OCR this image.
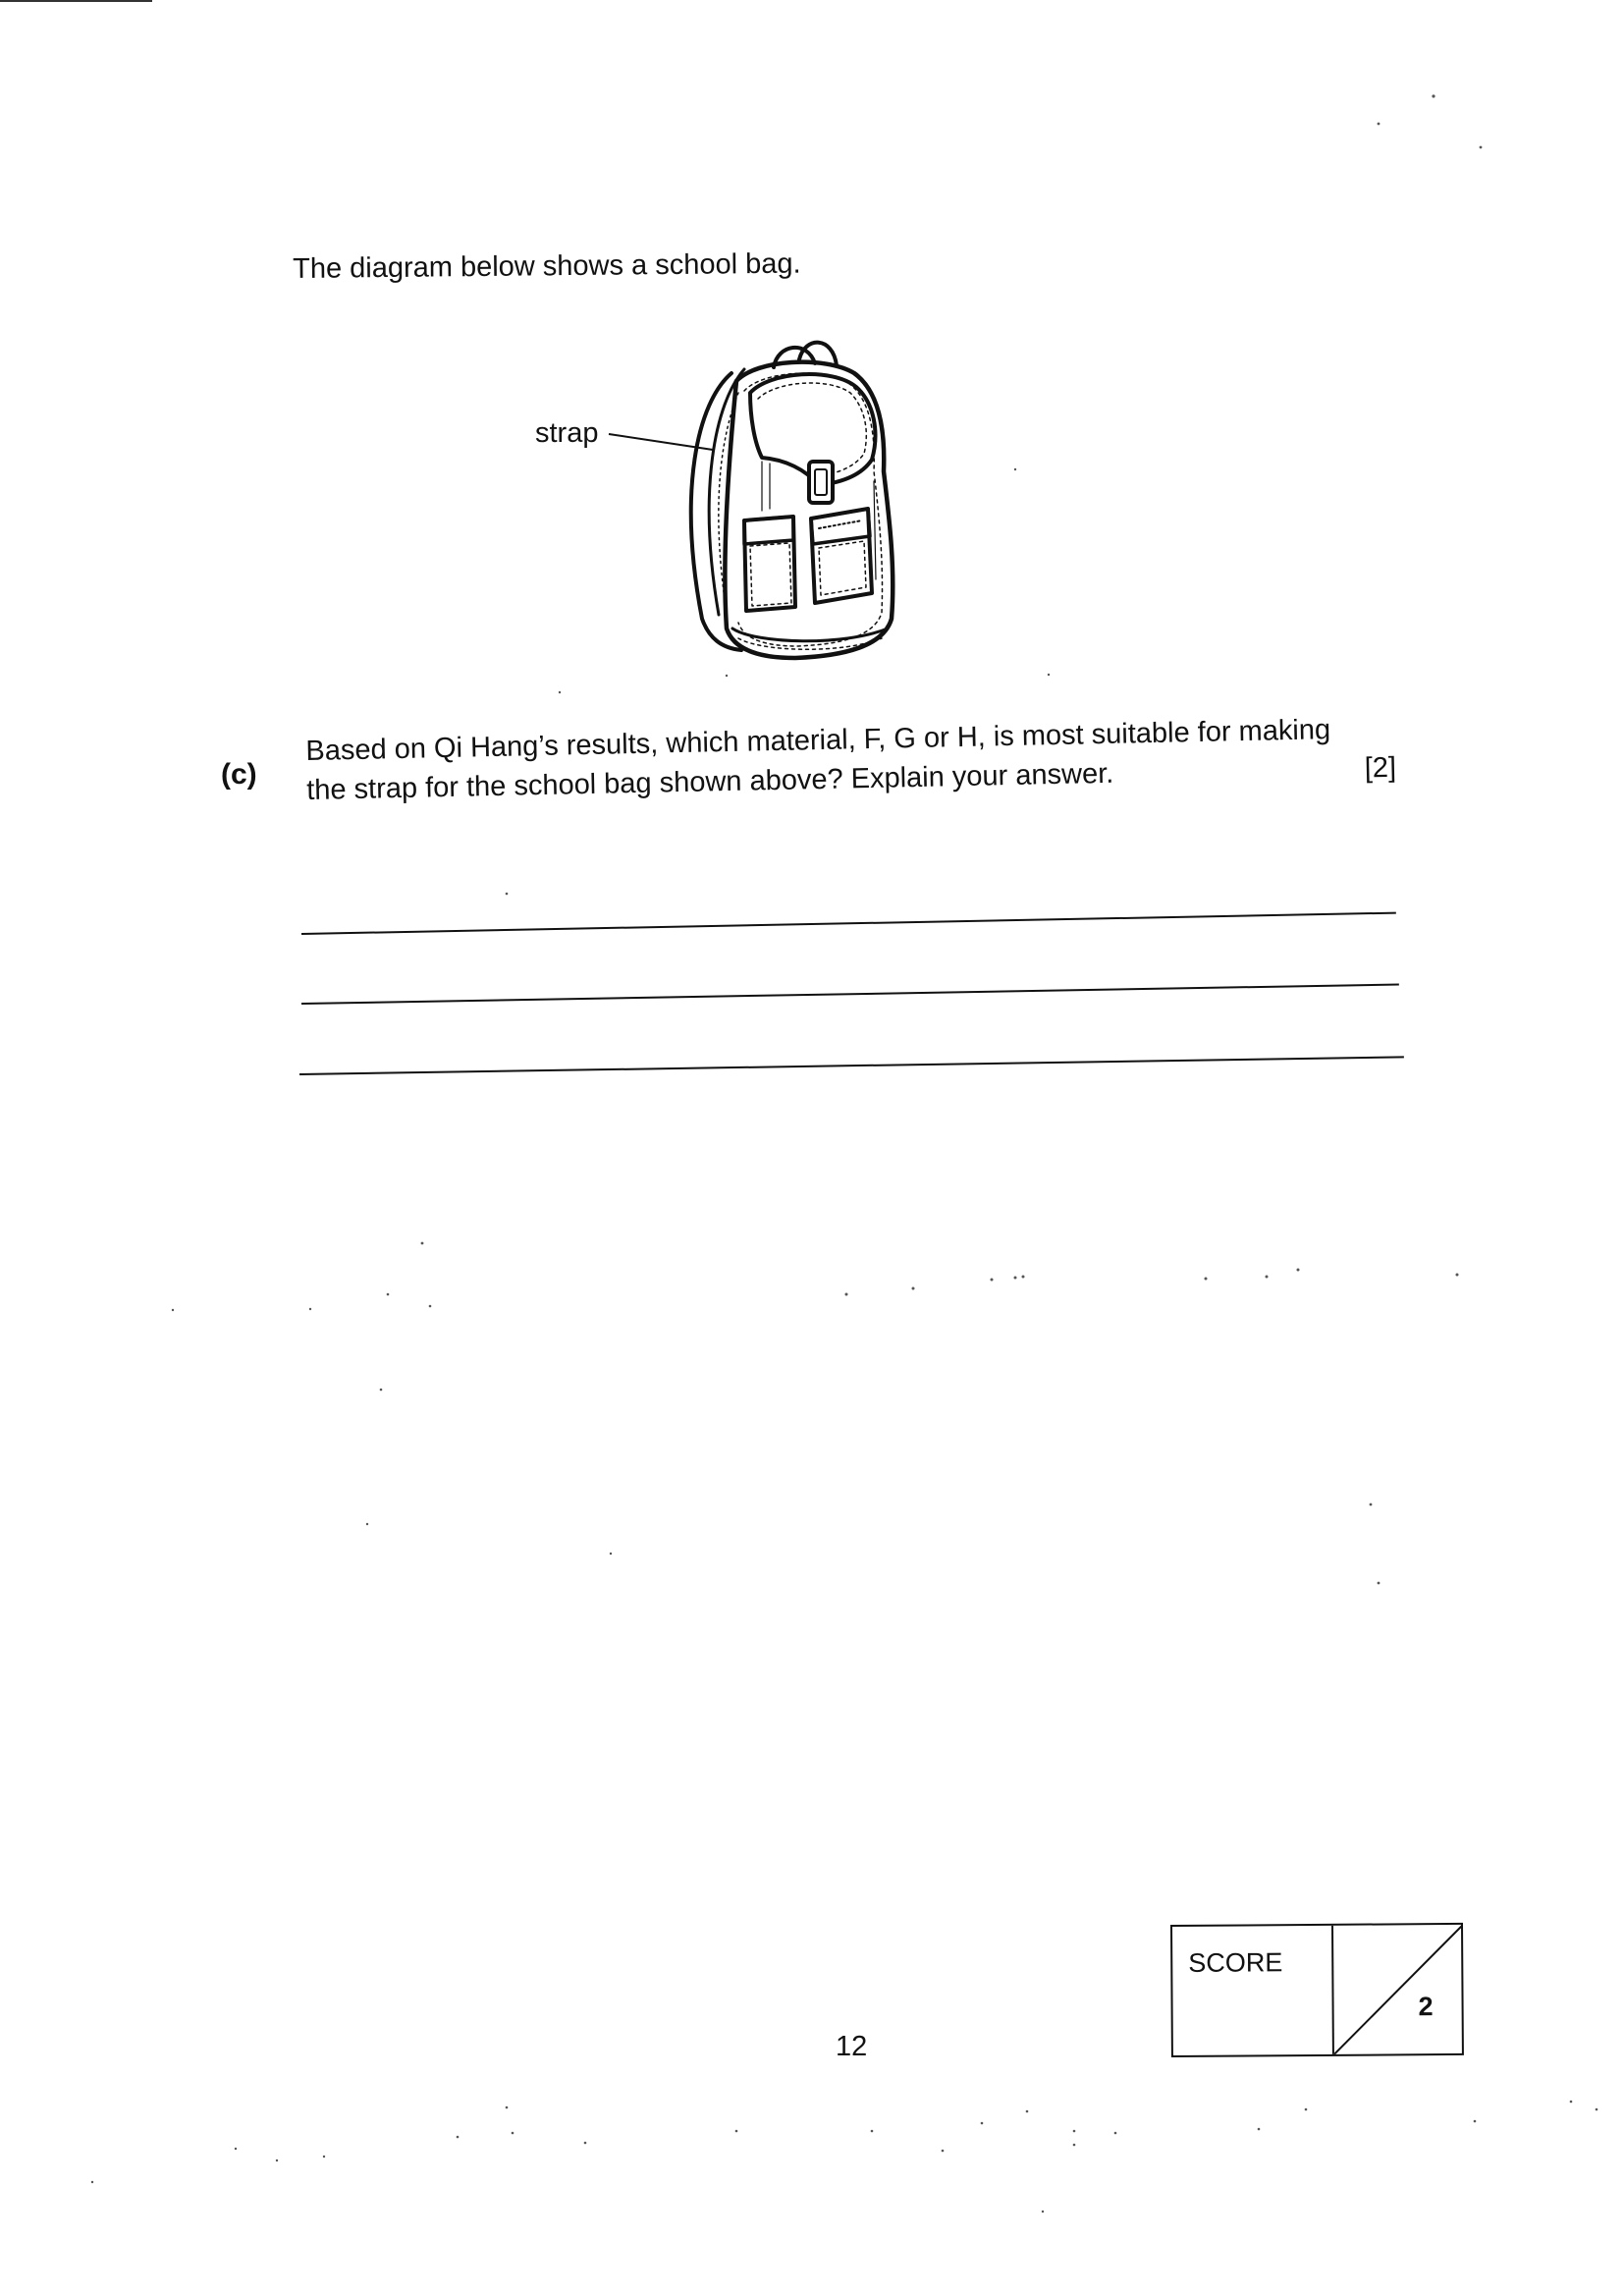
The diagram below shows a school bag.
strap
(c)
Based on Qi Hang’s results, which material, F, G or H, is most suitable for making
the strap for the school bag shown above? Explain your answer.	[2]
SCORE
2
12
